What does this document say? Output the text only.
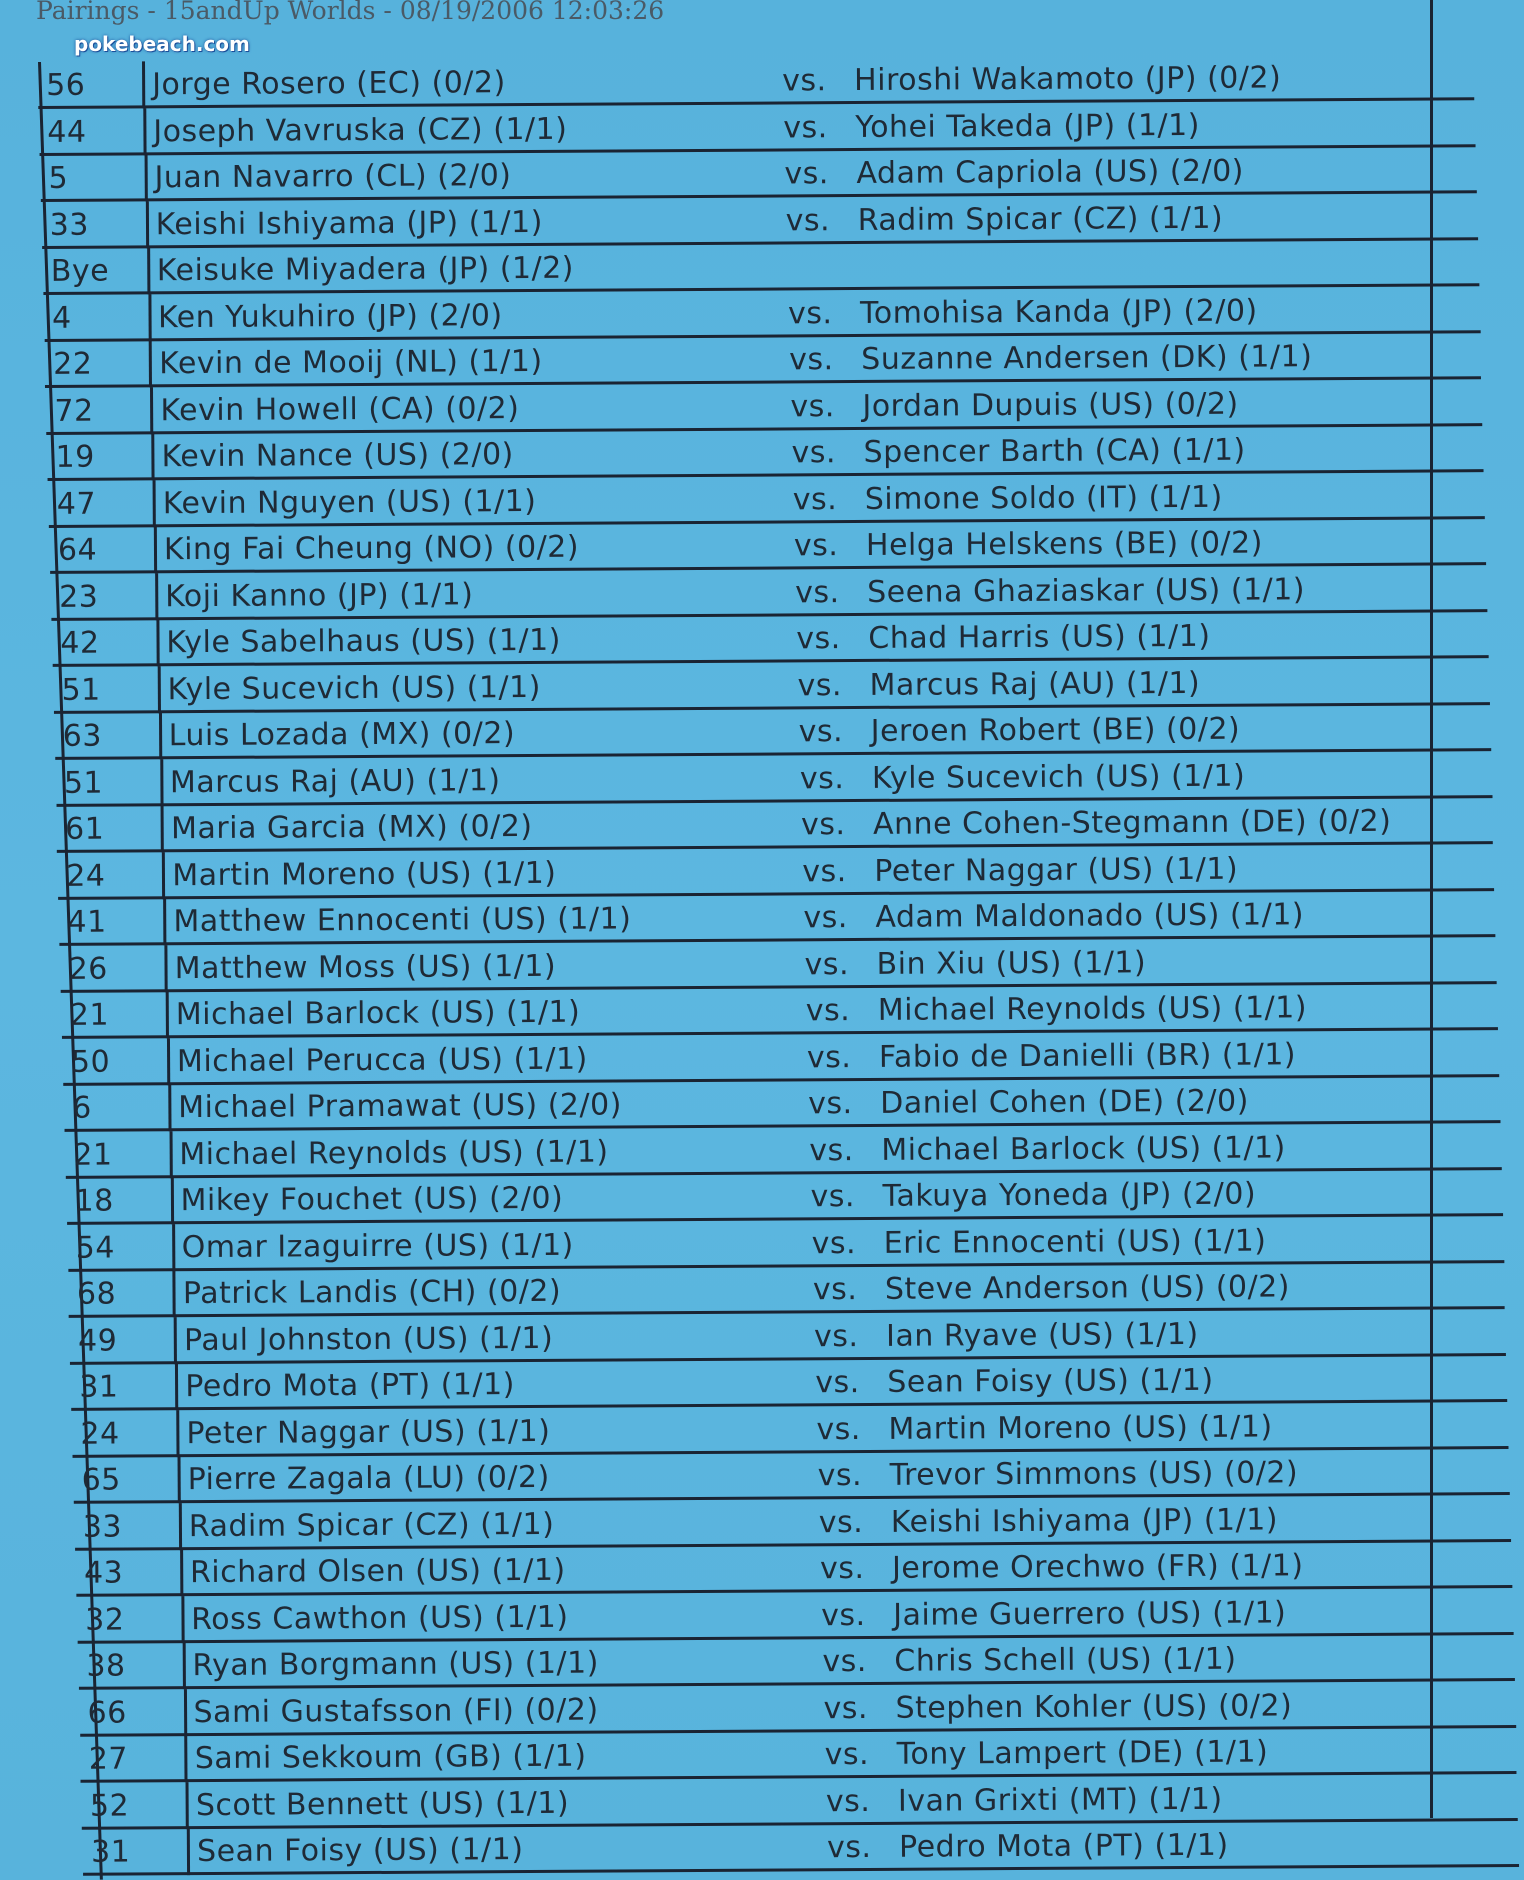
Pairings - 15andUp Worlds - 08/19/2006 12:03:26
pokebeach.com
56 Jorge Rosero (EC) (0/2)	vs. Hiroshi Wakamoto (JP) (0/2)
44 Joseph Vavruska (CZ) (1/1)	vs. Yohei Takeda (JP) (1/1)
5	Juan Navarro (CL) (2/0)	vs. Adam Capriola (US) (2/0)
33 Keishi Ishiyama (JP) (1/1)	vs. Radim Spicar (CZ) (1/1)
Bye Keisuke Miyadera (JP) (1/2)
4	Ken Yukuhiro (JP) (2/0)	vs. Tomohisa Kanda (JP) (2/0)
22 Kevin de Mooij (NL) (1/1)	vs. Suzanne Andersen (DK) (1/1)
72 Kevin Howell (CA) (0/2)	vs. Jordan Dupuis (US) (0/2)
19 Kevin Nance (US) (2/0)	vs. Spencer Barth (CA) (1/1)
47 Kevin Nguyen (US) (1/1)	vs. Simone Soldo (IT) (1/1)
64 King Fai Cheung (NO) (0/2)	vs. Helga Helskens (BE) (0/2)
23 Koji Kanno (JP) (1/1)	vs. Seena Ghaziaskar (US) (1/1)
42 Kyle Sabelhaus (US) (1/1)	vs. Chad Harris (US) (1/1)
51 Kyle Sucevich (US) (1/1)	vs. Marcus Raj (AU) (1/1)
63 Luis Lozada (MX) (0/2)	vs. Jeroen Robert (BE) (0/2)
51 Marcus Raj (AU) (1/1)	vs. Kyle Sucevich (US) (1/1)
61 Maria Garcia (MX) (0/2)	vs. Anne Cohen-Stegmann (DE) (0/2)
24 Martin Moreno (US) (1/1)	vs. Peter Naggar (US) (1/1)
41 Matthew Ennocenti (US) (1/1)	vs. Adam Maldonado (US) (1/1)
26 Matthew Moss (US) (1/1)	vs. Bin Xiu (US) (1/1)
21 Michael Barlock (US) (1/1)	vs. Michael Reynolds (US) (1/1)
50 Michael Perucca (US) (1/1)	vs. Fabio de Danielli (BR) (1/1)
6	Michael Pramawat (US) (2/0)	vs. Daniel Cohen (DE) (2/0)
21 Michael Reynolds (US) (1/1)	vs. Michael Barlock (US) (1/1)
18 Mikey Fouchet (US) (2/0)	vs. Takuya Yoneda (JP) (2/0)
54 Omar Izaguirre (US) (1/1)	vs. Eric Ennocenti (US) (1/1)
68 Patrick Landis (CH) (0/2)	vs. Steve Anderson (US) (0/2)
49 Paul Johnston (US) (1/1)	vs. Ian Ryave (US) (1/1)
31 Pedro Mota (PT) (1/1)	vs. Sean Foisy (US) (1/1)
24 Peter Naggar (US) (1/1)	vs. Martin Moreno (US) (1/1)
65 Pierre Zagala (LU) (0/2)	vs. Trevor Simmons (US) (0/2)
33 Radim Spicar (CZ) (1/1)	vs. Keishi Ishiyama (JP) (1/1)
43 Richard Olsen (US) (1/1)	vs. Jerome Orechwo (FR) (1/1)
32 Ross Cawthon (US) (1/1)	vs. Jaime Guerrero (US) (1/1)
38 Ryan Borgmann (US) (1/1)	vs. Chris Schell (US) (1/1)
66 Sami Gustafsson (FI) (0/2)	vs. Stephen Kohler (US) (0/2)
27 Sami Sekkoum (GB) (1/1)	vs. Tony Lampert (DE) (1/1)
52 Scott Bennett (US) (1/1)	vs. Ivan Grixti (MT) (1/1)
31 Sean Foisy (US) (1/1)	vs. Pedro Mota (PT) (1/1)
